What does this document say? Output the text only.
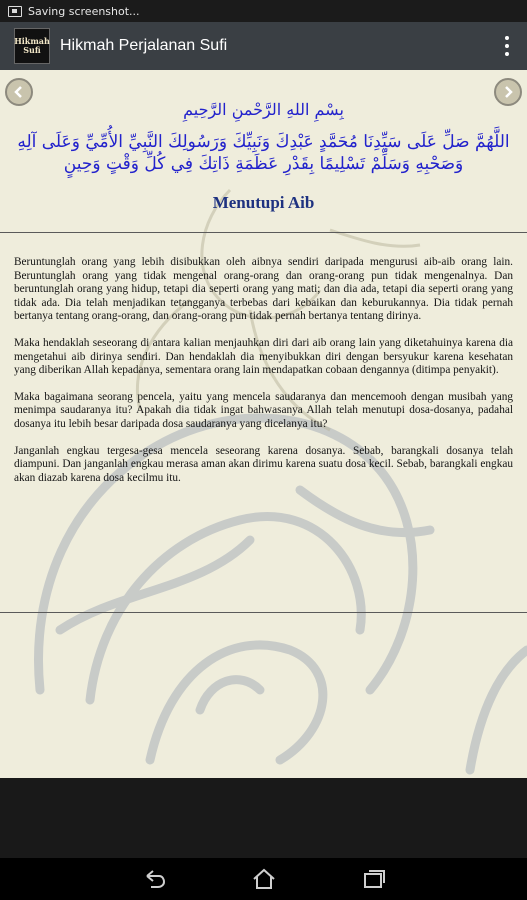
Saving screenshot...
Hikmah
Sufi Hikmah Perjalanan Sufi
بِسْمِ اللهِ الرَّحْمنِ الرَّحِيمِ
اللَّهُمَّ صَلِّ عَلَى سَيِّدِنَا مُحَمَّدٍ عَبْدِكَ وَنَبِيِّكَ وَرَسُولِكَ النَّبِيِّ الأُمِّيِّ وَعَلَى آلِهِ
وَصَحْبِهِ وَسَلِّمْ تَسْلِيمًا بِقَدْرِ عَظَمَةِ ذَاتِكَ فِي كُلِّ وَقْتٍ وَحِينٍ
Menutupi Aib

Beruntunglah orang yang lebih disibukkan oleh aibnya sendiri daripada mengurusi aib-aib orang lain. Beruntunglah orang yang tidak mengenal orang-orang dan orang-orang pun tidak mengenalnya. Dan beruntunglah orang yang hidup, tetapi dia seperti orang yang mati; dan dia ada, tetapi dia seperti orang yang tidak ada. Dia telah menjadikan tetangganya terbebas dari kebaikan dan keburukannya. Dia tidak pernah bertanya tentang orang-orang, dan orang-orang pun tidak pernah bertanya tentang dirinya.

Maka hendaklah seseorang di antara kalian menjauhkan diri dari aib orang lain yang diketahuinya karena dia mengetahui aib dirinya sendiri. Dan hendaklah dia menyibukkan diri dengan bersyukur karena kesehatan yang diberikan Allah kepadanya, sementara orang lain mendapatkan cobaan dengannya (ditimpa penyakit).

Maka bagaimana seorang pencela, yaitu yang mencela saudaranya dan mencemooh dengan musibah yang menimpa saudaranya itu? Apakah dia tidak ingat bahwasanya Allah telah menutupi dosa-dosanya, padahal dosanya itu lebih besar daripada dosa saudaranya yang dicelanya itu?

Janganlah engkau tergesa-gesa mencela seseorang karena dosanya. Sebab, barangkali dosanya telah diampuni. Dan janganlah engkau merasa aman akan dirimu karena suatu dosa kecil. Sebab, barangkali engkau akan diazab karena dosa kecilmu itu.
